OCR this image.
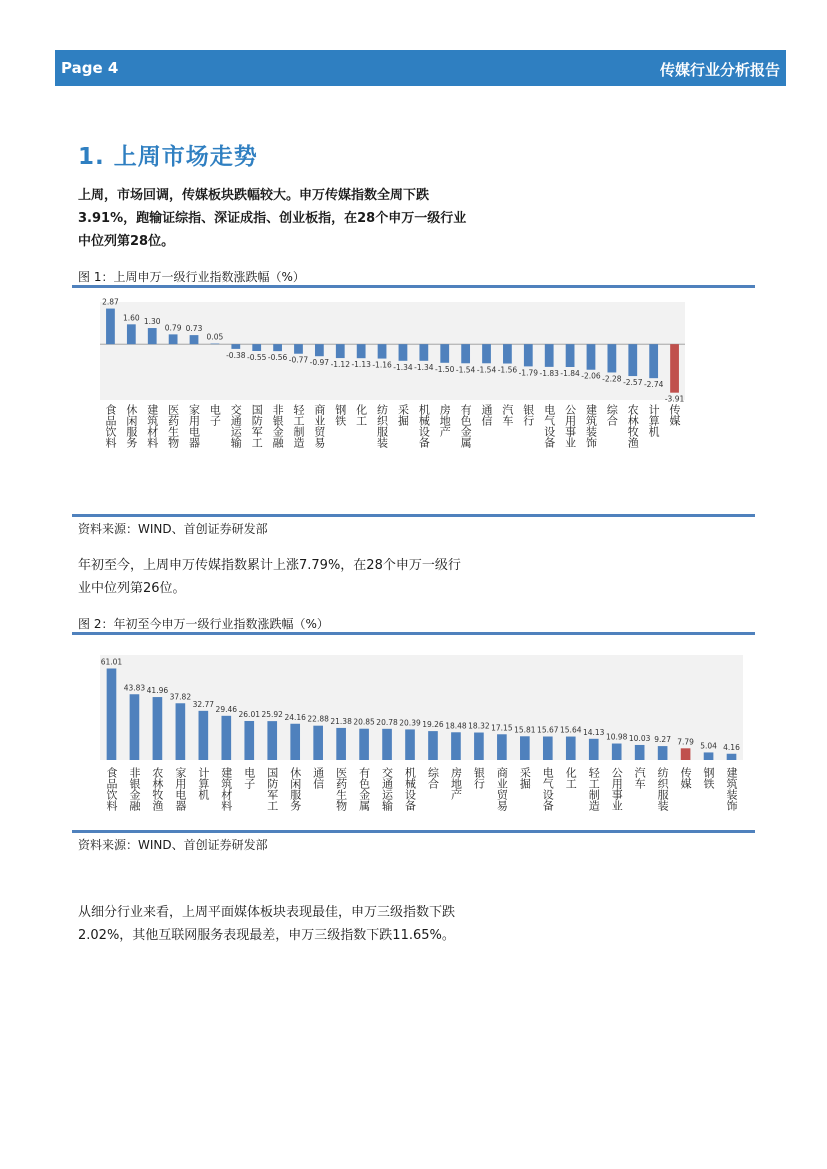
Page 4	传媒行业分析报告
1. 上周市场走势
上周，市场回调，传媒板块跌幅较大。申万传媒指数全周下跌
3.91%，跑输证综指、深证成指、创业板指，在28个申万一级行业
中位列第28位。
图 1：上周申万一级行业指数涨跌幅（%）
2.87
食品饮料
1.60
休闲服务
1.30
建筑材料
0.79
医药生物
0.73
家用电器
0.05
电子
-0.38
交通运输
-0.55
国防军工
-0.56
非银金融
-0.77
轻工制造
-0.97
商业贸易
-1.12
钢铁
-1.13
化工
-1.16
纺织服装
-1.34
采掘
-1.34
机械设备
-1.50
房地产
-1.54
有色金属
-1.54
通信
-1.56
汽车
-1.79
银行
-1.83
电气设备
-1.84
公用事业
-2.06
建筑装饰
-2.28
综合
-2.57
农林牧渔
-2.74
计算机
-3.91
传媒
资料来源：WIND、首创证券研发部
年初至今，上周申万传媒指数累计上涨7.79%，在28个申万一级行
业中位列第26位。
图 2：年初至今申万一级行业指数涨跌幅（%）
61.01
食品饮料
43.83
非银金融
41.96
农林牧渔
37.82
家用电器
32.77
计算机
29.46
建筑材料
26.01
电子
25.92
国防军工
24.16
休闲服务
22.88
通信
21.38
医药生物
20.85
有色金属
20.78
交通运输
20.39
机械设备
19.26
综合
18.48
房地产
18.32
银行
17.15
商业贸易
15.81
采掘
15.67
电气设备
15.64
化工
14.13
轻工制造
10.98
公用事业
10.03
汽车
9.27
纺织服装
7.79
传媒
5.04
钢铁
4.16
建筑装饰
资料来源：WIND、首创证券研发部
从细分行业来看，上周平面媒体板块表现最佳，申万三级指数下跌
2.02%，其他互联网服务表现最差，申万三级指数下跌11.65%。
